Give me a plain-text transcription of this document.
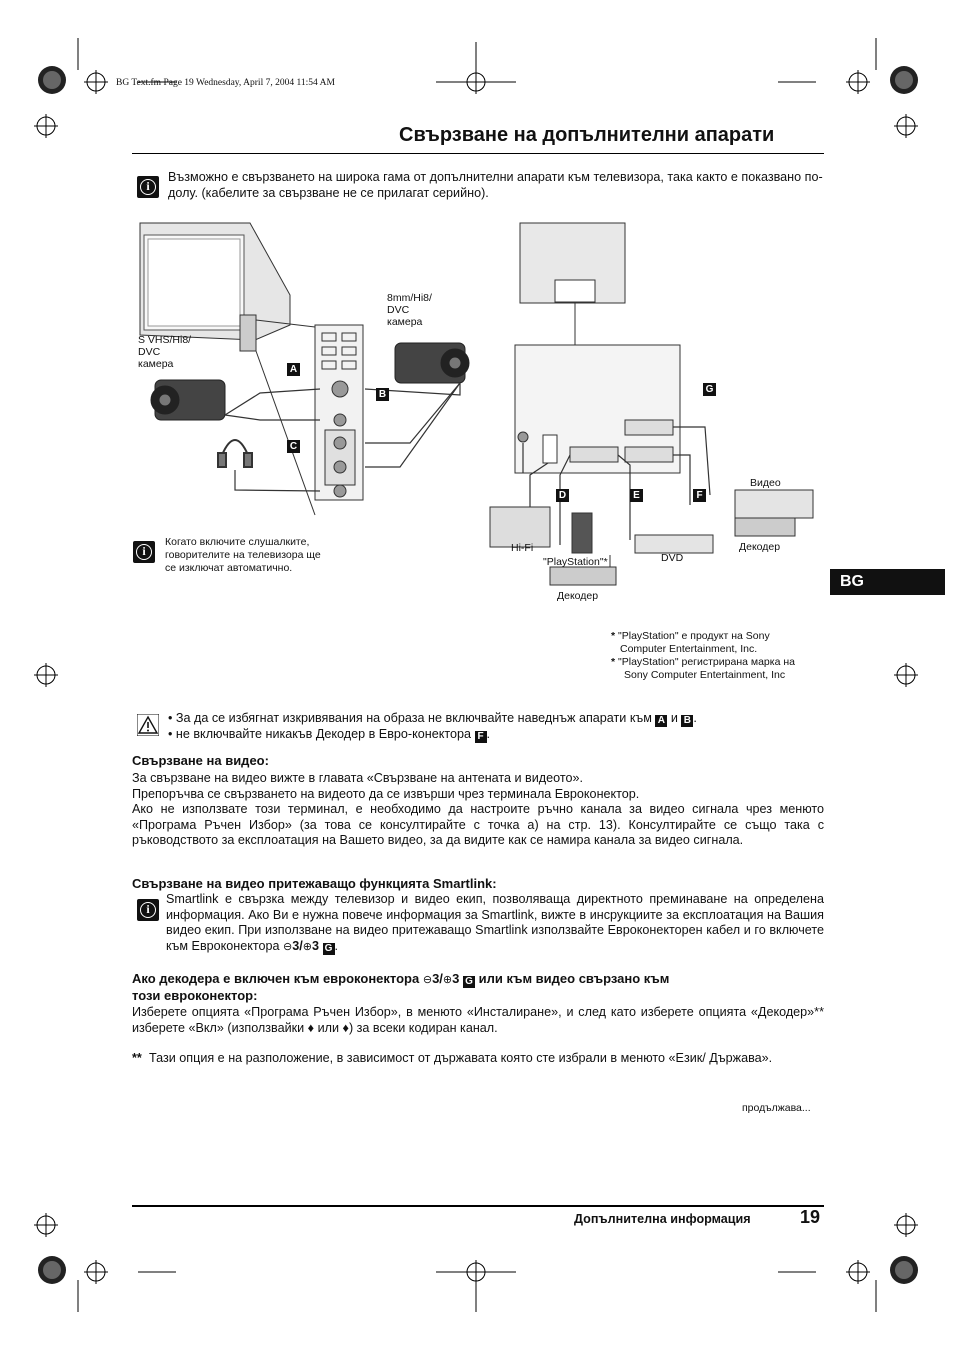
BG Text.fm Page 19 Wednesday, April 7, 2004 11:54 AM
Свързване на допълнителни апарати
i
Възможно е свързването на широка гама от допълнителни апарати към телевизора, така както е показвано по-долу. (кабелите за свързване не се прилагат серийно).
S VHS/Hi8/
DVC
камера
8mm/Hi8/
DVC
камера
A
B
C
D	E	F
G
Видео
Декодер
DVD
Hi-Fi
"PlayStation"*
Декодер
i
Когато включите слушалките,
говорителите на телевизора ще
се изключат автоматично.
* "PlayStation" е продукт на Sony
Computer Entertainment, Inc.
* "PlayStation" регистрирана марка на
Sony Computer Entertainment, Inc
BG
• За да се избягнат изкривявания на образа не включвайте наведнъж апарати към A и B .
• не включвайте никакъв Декодер в Евро-конектора F .
Свързване на видео:
За свързване на видео вижте в главата «Свързване на антената и видеото».
Препоръчва се свързването на видеото да се извърши чрез терминала Евроконектор.
Ако не използвате този терминал, е необходимо да настроите ръчно канала за видео сигнала чрез менюто «Програма Ръчен Избор» (за това се консултирайте с точка а) на стр. 13). Консултирайте се също така с ръководството за експлоатация на Вашето видео, за да видите как се намира канала за видео сигнала.
Свързване на видео притежаващо функцията Smartlink:
i
Smartlink е свързка между телевизор и видео екип, позволяваща директното преминаване на определена информация. Ако Ви е нужна повече информация за Smartlink, вижте в инсрукциите за експлоатация на Вашия видео екип. При използване на видео притежаващо Smartlink използвайте Евроконекторен кабел и го включете към Евроконектора ⊖3/⊕3 G .
Ако декодера е включен към евроконектора ⊖3/⊕3 G или към видео свързано към
този евроконектор:
Изберете опцията «Програма Ръчен Избор», в менюто «Инсталиране», и след като изберете опцията «Декодер»** изберете «Вкл» (използвайки ♦ или ♦) за всеки кодиран канал.
** Тази опция е на разположение, в зависимост от държавата която сте избрали в менюто «Език/ Държава».
продължава...
Допълнителна информация	19
